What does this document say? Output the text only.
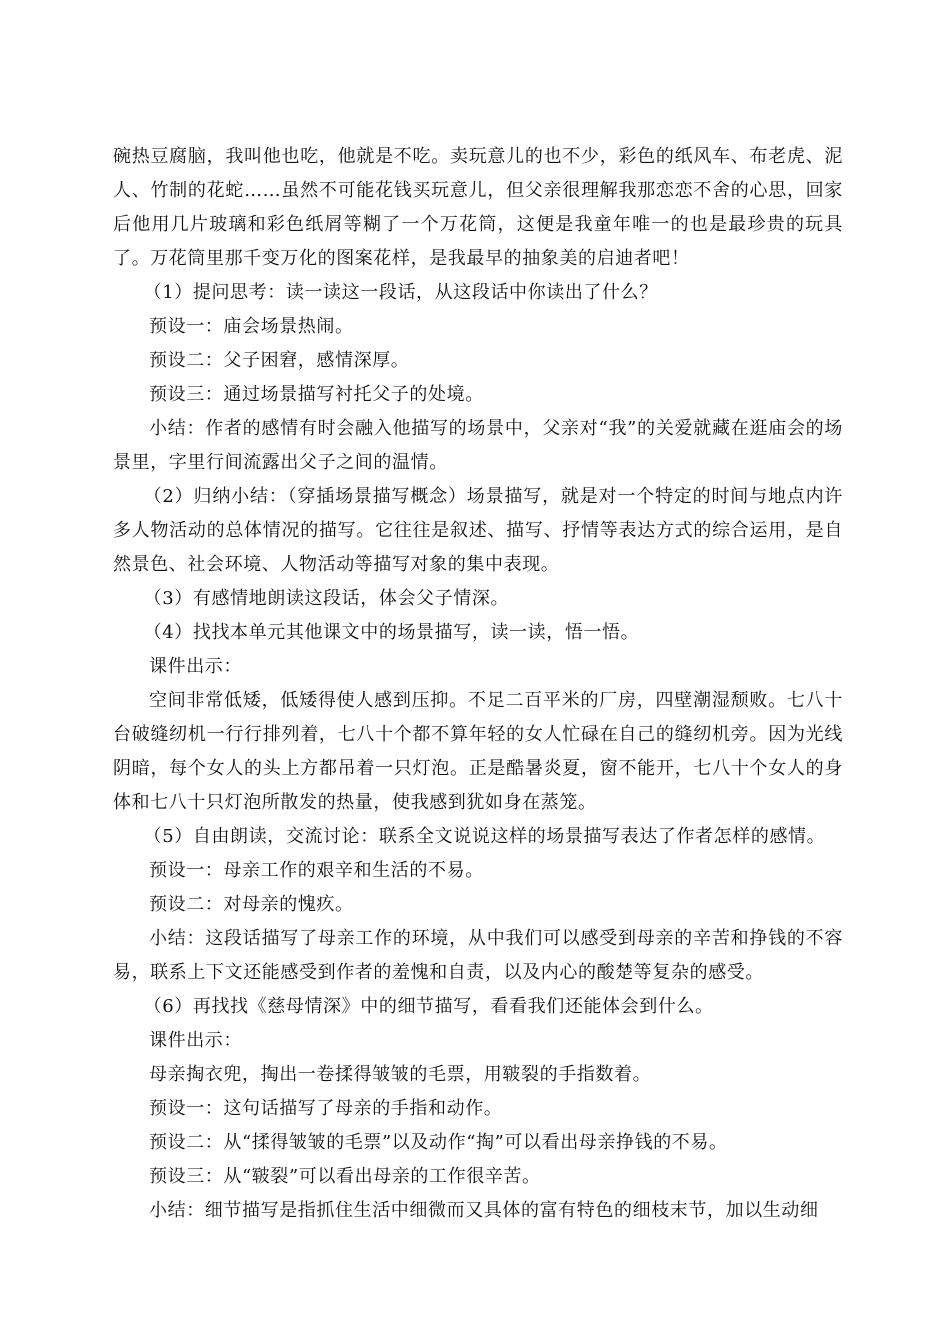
碗热豆腐脑，我叫他也吃，他就是不吃。卖玩意儿的也不少，彩色的纸风车、布老虎、泥人、竹制的花蛇……虽然不可能花钱买玩意儿，但父亲很理解我那恋恋不舍的心思，回家后他用几片玻璃和彩色纸屑等糊了一个万花筒，这便是我童年唯一的也是最珍贵的玩具了。万花筒里那千变万化的图案花样，是我最早的抽象美的启迪者吧！

（1）提问思考：读一读这一段话，从这段话中你读出了什么？

预设一：庙会场景热闹。

预设二：父子困窘，感情深厚。

预设三：通过场景描写衬托父子的处境。

小结：作者的感情有时会融入他描写的场景中，父亲对“我”的关爱就藏在逛庙会的场景里，字里行间流露出父子之间的温情。

（2）归纳小结：（穿插场景描写概念）场景描写，就是对一个特定的时间与地点内许多人物活动的总体情况的描写。它往往是叙述、描写、抒情等表达方式的综合运用，是自然景色、社会环境、人物活动等描写对象的集中表现。

（3）有感情地朗读这段话，体会父子情深。

（4）找找本单元其他课文中的场景描写，读一读，悟一悟。

课件出示：

空间非常低矮，低矮得使人感到压抑。不足二百平米的厂房，四壁潮湿颓败。七八十台破缝纫机一行行排列着，七八十个都不算年轻的女人忙碌在自己的缝纫机旁。因为光线阴暗，每个女人的头上方都吊着一只灯泡。正是酷暑炎夏，窗不能开，七八十个女人的身体和七八十只灯泡所散发的热量，使我感到犹如身在蒸笼。

（5）自由朗读，交流讨论：联系全文说说这样的场景描写表达了作者怎样的感情。

预设一：母亲工作的艰辛和生活的不易。

预设二：对母亲的愧疚。

小结：这段话描写了母亲工作的环境，从中我们可以感受到母亲的辛苦和挣钱的不容易，联系上下文还能感受到作者的羞愧和自责，以及内心的酸楚等复杂的感受。

（6）再找找《慈母情深》中的细节描写，看看我们还能体会到什么。

课件出示：

母亲掏衣兜，掏出一卷揉得皱皱的毛票，用皲裂的手指数着。

预设一：这句话描写了母亲的手指和动作。

预设二：从“揉得皱皱的毛票”以及动作“掏”可以看出母亲挣钱的不易。

预设三：从“皲裂”可以看出母亲的工作很辛苦。

小结：细节描写是指抓住生活中细微而又具体的富有特色的细枝末节，加以生动细
